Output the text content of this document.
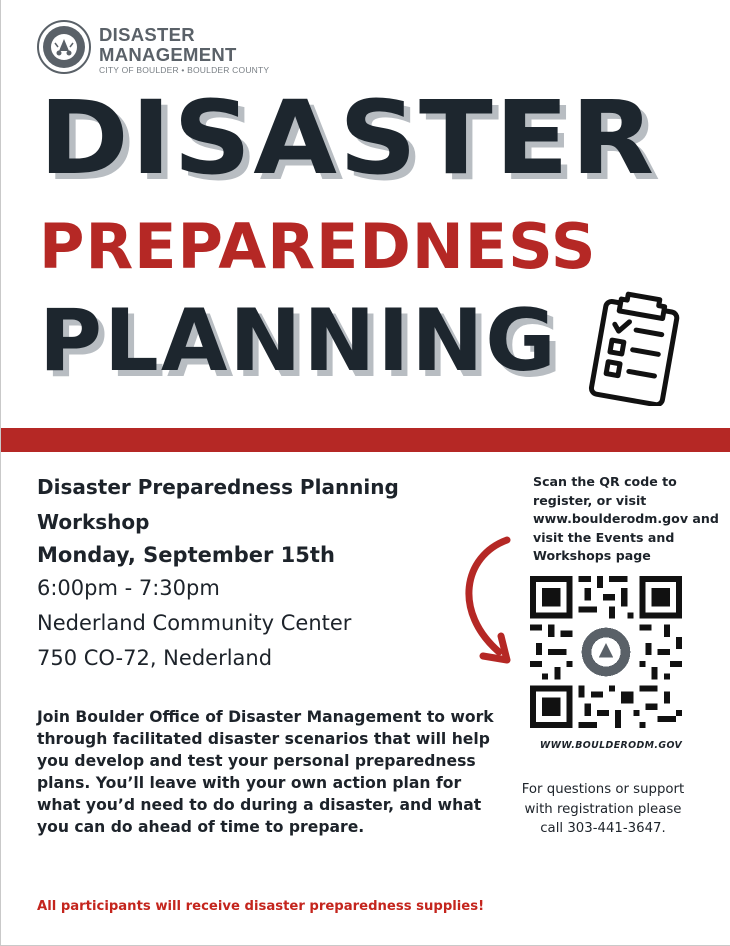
DISASTER
MANAGEMENT
CITY OF BOULDER • BOULDER COUNTY
DISASTER
PREPAREDNESS
PLANNING
Disaster Preparedness Planning
Workshop
Monday, September 15th
6:00pm - 7:30pm
Nederland Community Center
750 CO-72, Nederland
Join Boulder Office of Disaster Management to work through facilitated disaster scenarios that will help you develop and test your personal preparedness plans. You’ll leave with your own action plan for what you’d need to do during a disaster, and what you can do ahead of time to prepare.
All participants will receive disaster preparedness supplies!
Scan the QR code to register, or visit www.boulderodm.gov and visit the Events and Workshops page
WWW.BOULDERODM.GOV
For questions or support with registration please call 303-441-3647.
